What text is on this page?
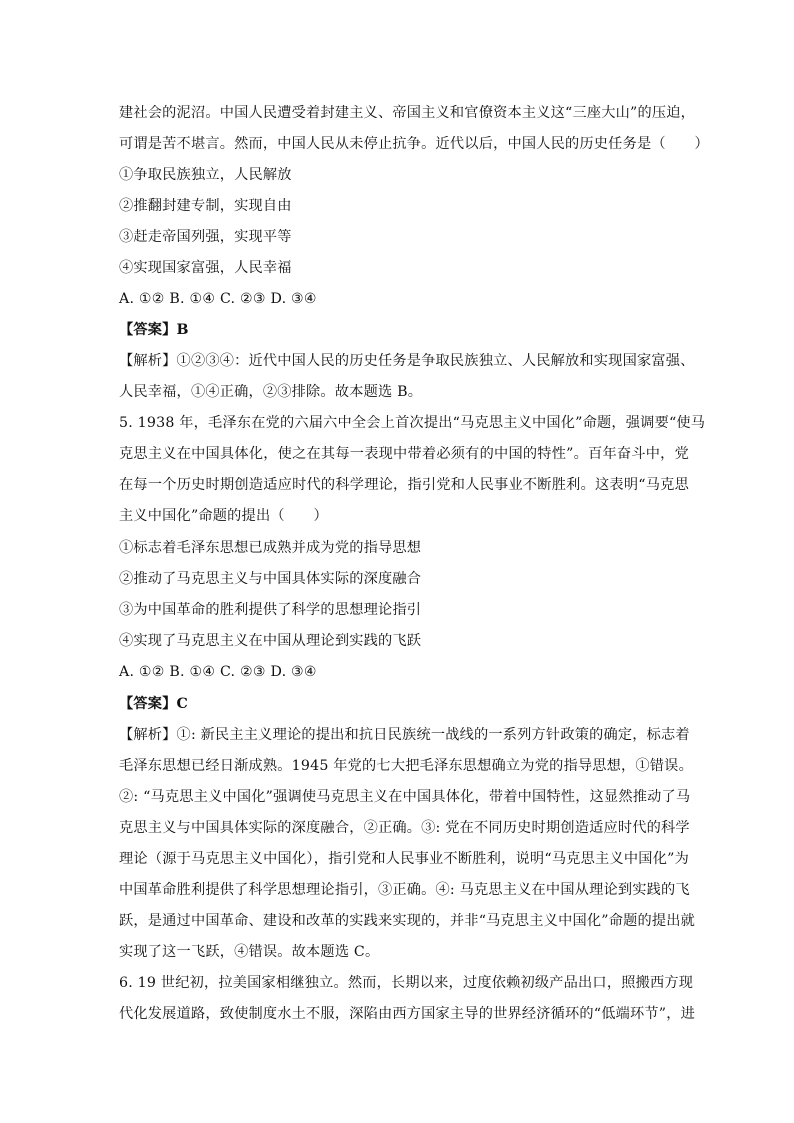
建社会的泥沼。中国人民遭受着封建主义、帝国主义和官僚资本主义这“三座大山”的压迫，
可谓是苦不堪言。然而，中国人民从未停止抗争。近代以后，中国人民的历史任务是（　　）
①争取民族独立，人民解放
②推翻封建专制，实现自由
③赶走帝国列强，实现平等
④实现国家富强，人民幸福
A. ①② B. ①④ C. ②③ D. ③④
【答案】B
【解析】①②③④：近代中国人民的历史任务是争取民族独立、人民解放和实现国家富强、
人民幸福，①④正确，②③排除。故本题选 B。
5. 1938 年，毛泽东在党的六届六中全会上首次提出“马克思主义中国化”命题，强调要“使马
克思主义在中国具体化，使之在其每一表现中带着必须有的中国的特性”。百年奋斗中，党
在每一个历史时期创造适应时代的科学理论，指引党和人民事业不断胜利。这表明“马克思
主义中国化”命题的提出（　　）
①标志着毛泽东思想已成熟并成为党的指导思想
②推动了马克思主义与中国具体实际的深度融合
③为中国革命的胜利提供了科学的思想理论指引
④实现了马克思主义在中国从理论到实践的飞跃
A. ①② B. ①④ C. ②③ D. ③④
【答案】C
【解析】①: 新民主主义理论的提出和抗日民族统一战线的一系列方针政策的确定，标志着
毛泽东思想已经日渐成熟。1945 年党的七大把毛泽东思想确立为党的指导思想，①错误。
②: “马克思主义中国化”强调使马克思主义在中国具体化，带着中国特性，这显然推动了马
克思主义与中国具体实际的深度融合，②正确。③: 党在不同历史时期创造适应时代的科学
理论（源于马克思主义中国化），指引党和人民事业不断胜利，说明“马克思主义中国化”为
中国革命胜利提供了科学思想理论指引，③正确。④: 马克思主义在中国从理论到实践的飞
跃，是通过中国革命、建设和改革的实践来实现的，并非“马克思主义中国化”命题的提出就
实现了这一飞跃，④错误。故本题选 C。
6. 19 世纪初，拉美国家相继独立。然而，长期以来，过度依赖初级产品出口，照搬西方现
代化发展道路，致使制度水土不服，深陷由西方国家主导的世界经济循环的“低端环节”，进
